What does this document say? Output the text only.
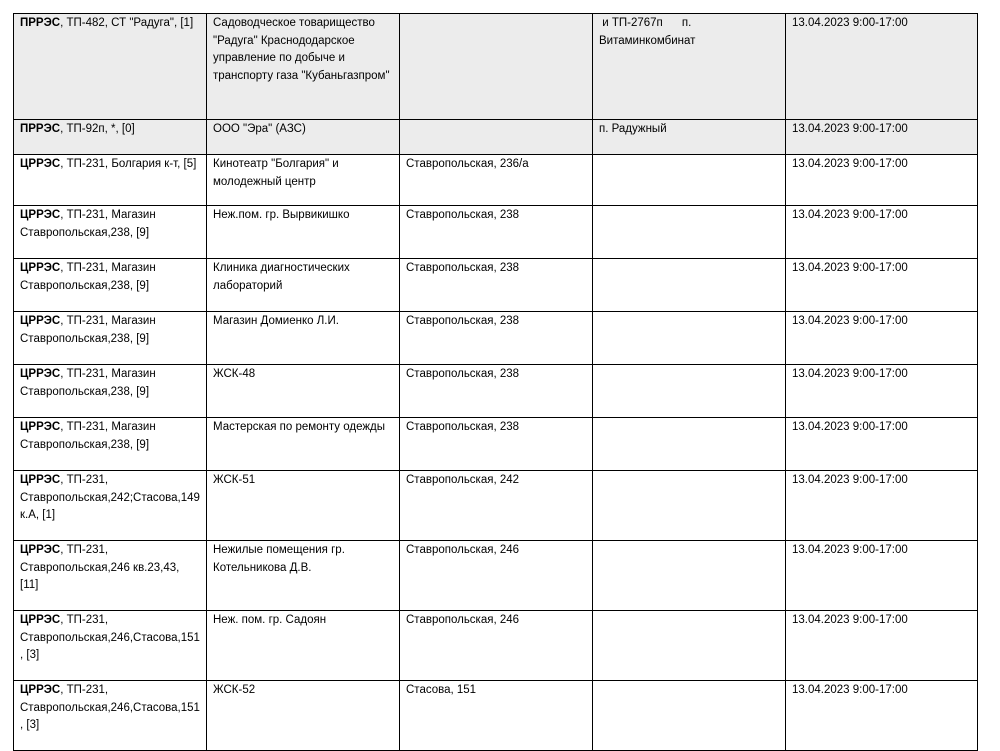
ПРРЭС, ТП-482, СТ "Радуга", [1]	Садоводческое товарищество "Радуга" Краснододарское управление по добыче и транспорту газа "Кубаньгазпром"		и ТП-2767п      п. Витаминкомбинат	13.04.2023 9:00-17:00
ПРРЭС, ТП-92п, *, [0]	ООО "Эра" (АЗС)		п. Радужный	13.04.2023 9:00-17:00
ЦРРЭС, ТП-231, Болгария к-т, [5]	Кинотеатр "Болгария" и молодежный центр	Ставропольская, 236/а		13.04.2023 9:00-17:00
ЦРРЭС, ТП-231, Магазин Ставропольская,238, [9]	Неж.пом. гр. Вырвикишко	Ставропольская, 238		13.04.2023 9:00-17:00
ЦРРЭС, ТП-231, Магазин Ставропольская,238, [9]	Клиника диагностических лабораторий	Ставропольская, 238		13.04.2023 9:00-17:00
ЦРРЭС, ТП-231, Магазин Ставропольская,238, [9]	Магазин Домиенко Л.И.	Ставропольская, 238		13.04.2023 9:00-17:00
ЦРРЭС, ТП-231, Магазин Ставропольская,238, [9]	ЖСК-48	Ставропольская, 238		13.04.2023 9:00-17:00
ЦРРЭС, ТП-231, Магазин Ставропольская,238, [9]	Мастерская по ремонту одежды	Ставропольская, 238		13.04.2023 9:00-17:00
ЦРРЭС, ТП-231, Ставропольская,242;Стасова,149 к.А, [1]	ЖСК-51	Ставропольская, 242		13.04.2023 9:00-17:00
ЦРРЭС, ТП-231, Ставропольская,246 кв.23,43, [11]	Нежилые помещения гр. Котельникова Д.В.	Ставропольская, 246		13.04.2023 9:00-17:00
ЦРРЭС, ТП-231, Ставропольская,246,Стасова,151 , [3]	Неж. пом. гр. Садоян	Ставропольская, 246		13.04.2023 9:00-17:00
ЦРРЭС, ТП-231, Ставропольская,246,Стасова,151 , [3]	ЖСК-52	Стасова, 151		13.04.2023 9:00-17:00
